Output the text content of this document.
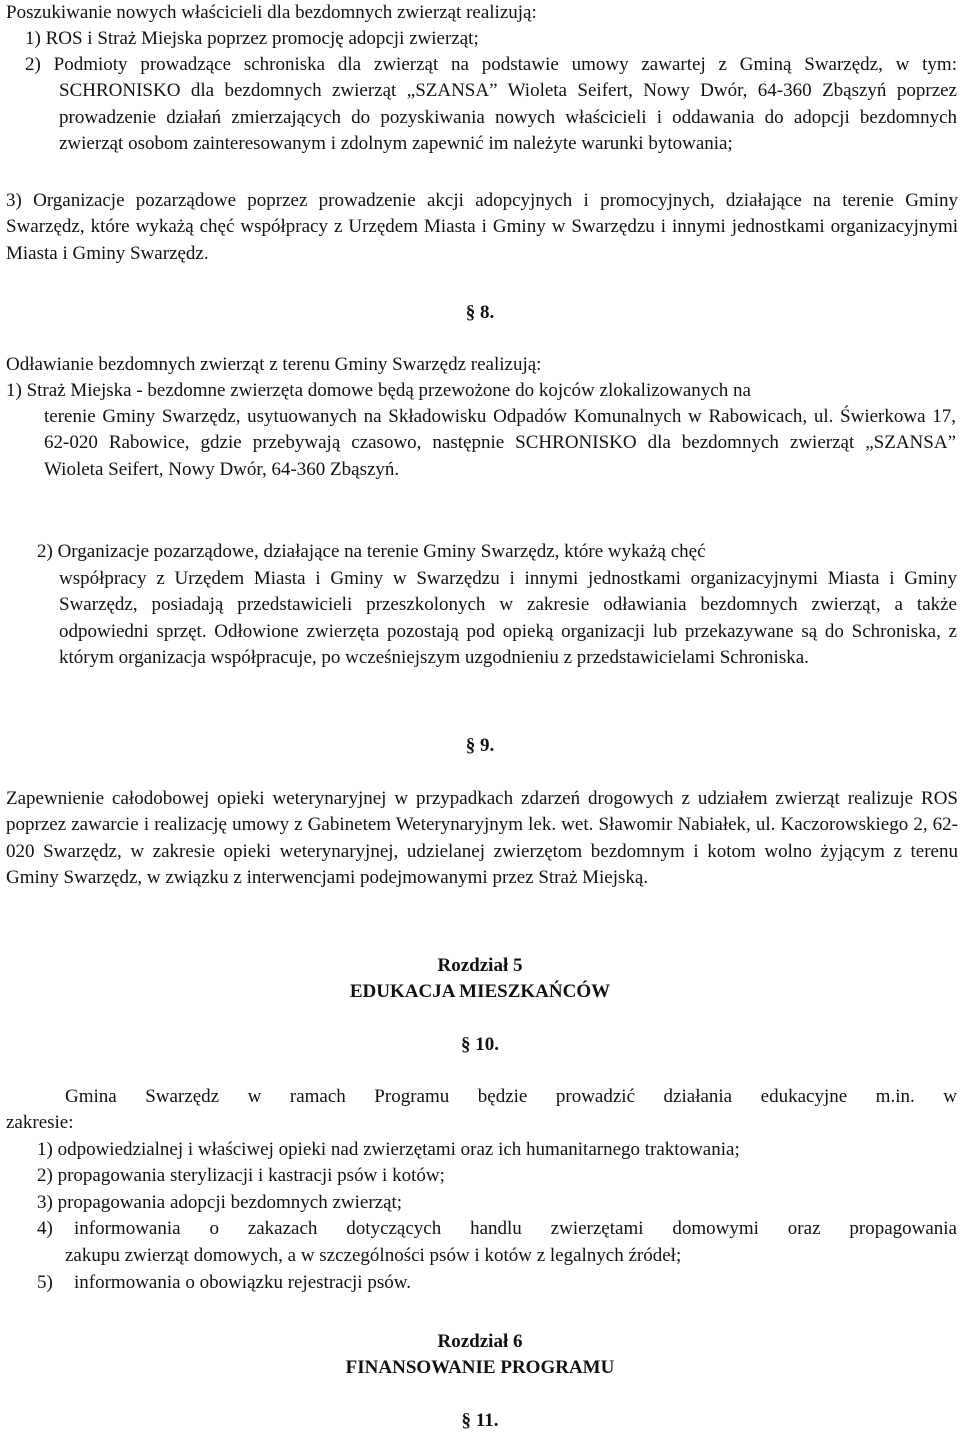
Poszukiwanie nowych właścicieli dla bezdomnych zwierząt realizują:

1) ROS i Straż Miejska poprzez promocję adopcji zwierząt;

2) Podmioty prowadzące schroniska dla zwierząt na podstawie umowy zawartej z Gminą Swarzędz, w tym: SCHRONISKO dla bezdomnych zwierząt „SZANSA” Wioleta Seifert, Nowy Dwór, 64-360 Zbąszyń poprzez prowadzenie działań zmierzających do pozyskiwania nowych właścicieli i oddawania do adopcji bezdomnych zwierząt osobom zainteresowanym i zdolnym zapewnić im należyte warunki bytowania;

3) Organizacje pozarządowe poprzez prowadzenie akcji adopcyjnych i promocyjnych, działające na terenie Gminy Swarzędz, które wykażą chęć współpracy z Urzędem Miasta i Gminy w Swarzędzu i innymi jednostkami organizacyjnymi Miasta i Gminy Swarzędz.

§ 8.

Odławianie bezdomnych zwierząt z terenu Gminy Swarzędz realizują:

1) Straż Miejska - bezdomne zwierzęta domowe będą przewożone do kojców zlokalizowanych na

terenie Gminy Swarzędz, usytuowanych na Składowisku Odpadów Komunalnych w Rabowicach, ul. Świerkowa 17, 62-020 Rabowice, gdzie przebywają czasowo, następnie SCHRONISKO dla bezdomnych zwierząt „SZANSA” Wioleta Seifert, Nowy Dwór, 64-360 Zbąszyń.

2) Organizacje pozarządowe, działające na terenie Gminy Swarzędz, które wykażą chęć

współpracy z Urzędem Miasta i Gminy w Swarzędzu i innymi jednostkami organizacyjnymi Miasta i Gminy Swarzędz, posiadają przedstawicieli przeszkolonych w zakresie odławiania bezdomnych zwierząt, a także odpowiedni sprzęt. Odłowione zwierzęta pozostają pod opieką organizacji lub przekazywane są do Schroniska, z którym organizacja współpracuje, po wcześniejszym uzgodnieniu z przedstawicielami Schroniska.

§ 9.

Zapewnienie całodobowej opieki weterynaryjnej w przypadkach zdarzeń drogowych z udziałem zwierząt realizuje ROS poprzez zawarcie i realizację umowy z Gabinetem Weterynaryjnym lek. wet. Sławomir Nabiałek, ul. Kaczorowskiego 2, 62-020 Swarzędz, w zakresie opieki weterynaryjnej, udzielanej zwierzętom bezdomnym i kotom wolno żyjącym z terenu Gminy Swarzędz, w związku z interwencjami podejmowanymi przez Straż Miejską.

Rozdział 5

EDUKACJA MIESZKAŃCÓW

§ 10.

Gmina Swarzędz w ramach Programu będzie prowadzić działania edukacyjne m.in. w

zakresie:

1) odpowiedzialnej i właściwej opieki nad zwierzętami oraz ich humanitarnego traktowania;

2) propagowania sterylizacji i kastracji psów i kotów;

3) propagowania adopcji bezdomnych zwierząt;

4) informowania o zakazach dotyczących handlu zwierzętami domowymi oraz propagowania
zakupu zwierząt domowych, a w szczególności psów i kotów z legalnych źródeł;
5) informowania o obowiązku rejestracji psów.

Rozdział 6

FINANSOWANIE PROGRAMU

§ 11.
